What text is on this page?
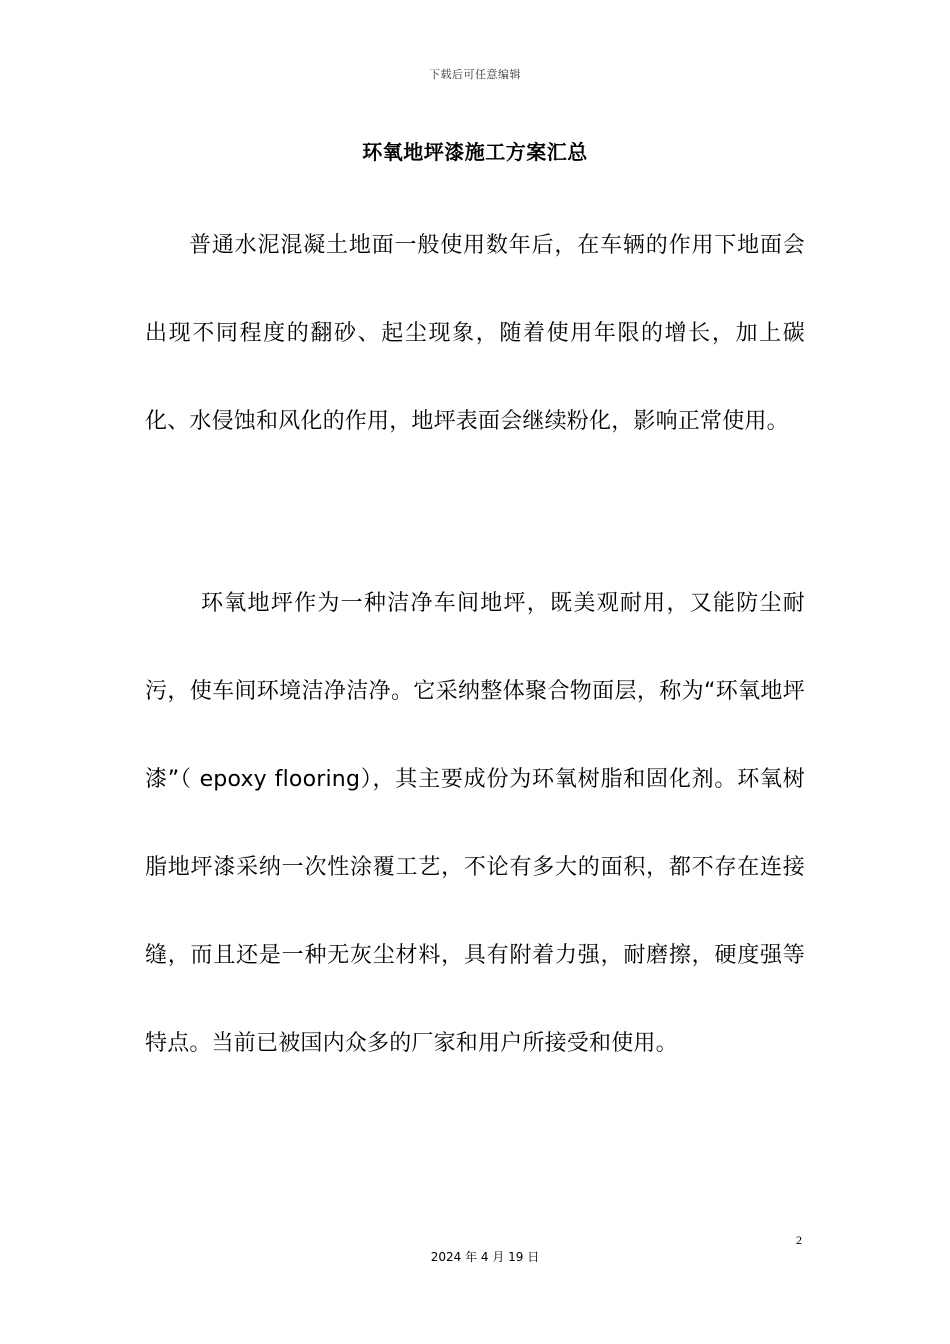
下载后可任意编辑
环氧地坪漆施工方案汇总

普通水泥混凝土地面一般使用数年后，在车辆的作用下地面会出现不同程度的翻砂、起尘现象，随着使用年限的增长，加上碳化、水侵蚀和风化的作用，地坪表面会继续粉化，影响正常使用。

环氧地坪作为一种洁净车间地坪，既美观耐用，又能防尘耐污，使车间环境洁净洁净。它采纳整体聚合物面层，称为“环氧地坪漆”（ epoxy flooring），其主要成份为环氧树脂和固化剂。环氧树脂地坪漆采纳一次性涂覆工艺，不论有多大的面积，都不存在连接缝，而且还是一种无灰尘材料，具有附着力强，耐磨擦，硬度强等特点。当前已被国内众多的厂家和用户所接受和使用。

2
2024 年 4 月 19 日
